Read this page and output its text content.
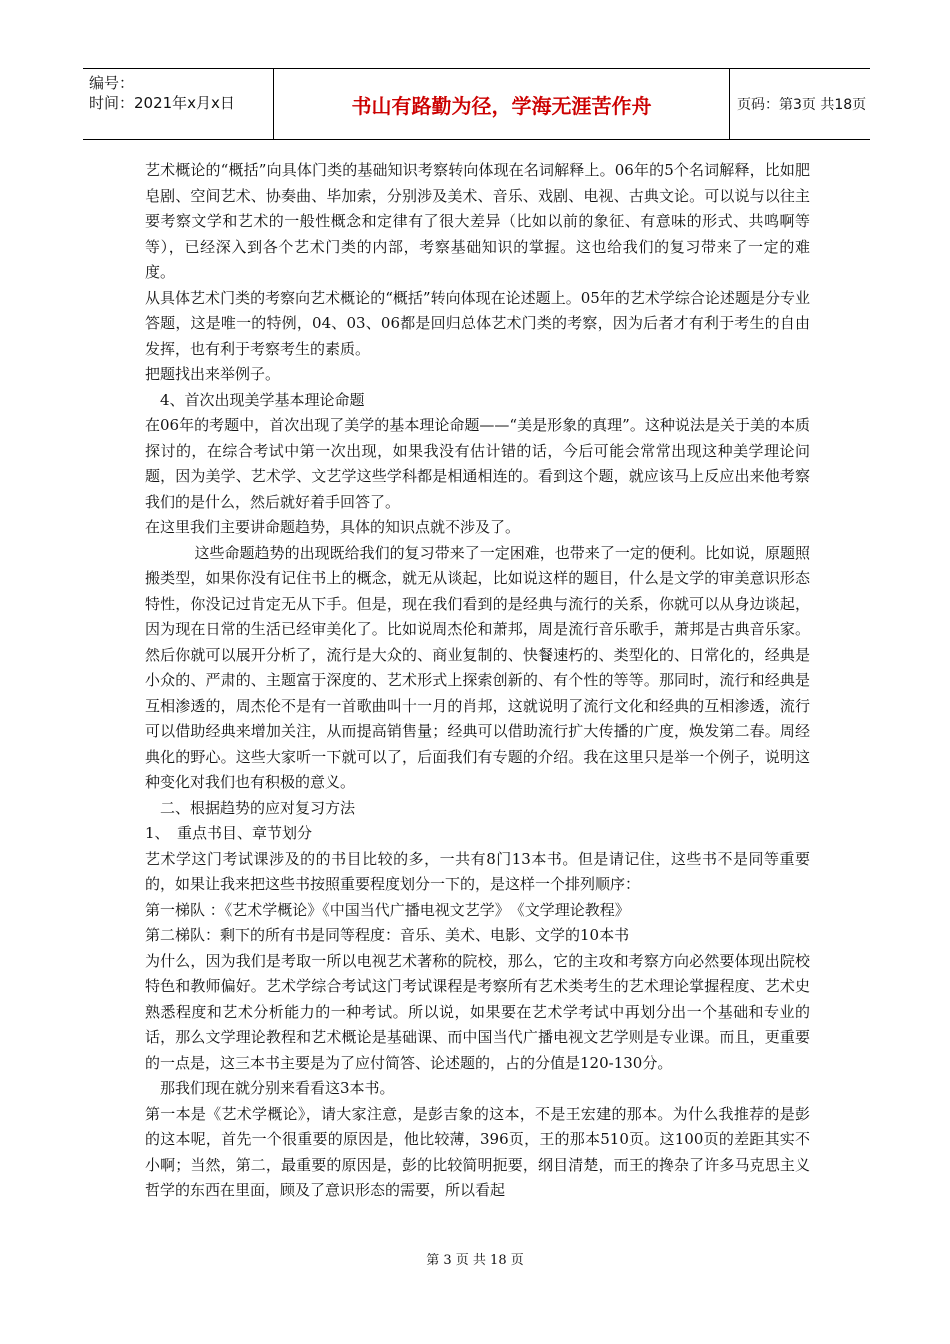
编号：
时间：2021年x月x日	书山有路勤为径，学海无涯苦作舟	页码：第3页 共18页

艺术概论的“概括”向具体门类的基础知识考察转向体现在名词解释上。06年的5个名词解释，比如肥皂剧、空间艺术、协奏曲、毕加索，分别涉及美术、音乐、戏剧、电视、古典文论。可以说与以往主要考察文学和艺术的一般性概念和定律有了很大差异（比如以前的象征、有意味的形式、共鸣啊等等），已经深入到各个艺术门类的内部，考察基础知识的掌握。这也给我们的复习带来了一定的难度。

从具体艺术门类的考察向艺术概论的“概括”转向体现在论述题上。05年的艺术学综合论述题是分专业答题，这是唯一的特例，04、03、06都是回归总体艺术门类的考察，因为后者才有利于考生的自由发挥，也有利于考察考生的素质。

把题找出来举例子。

4、首次出现美学基本理论命题

在06年的考题中，首次出现了美学的基本理论命题——“美是形象的真理”。这种说法是关于美的本质探讨的，在综合考试中第一次出现，如果我没有估计错的话，今后可能会常常出现这种美学理论问题，因为美学、艺术学、文艺学这些学科都是相通相连的。看到这个题，就应该马上反应出来他考察我们的是什么，然后就好着手回答了。

在这里我们主要讲命题趋势，具体的知识点就不涉及了。

这些命题趋势的出现既给我们的复习带来了一定困难，也带来了一定的便利。比如说，原题照搬类型，如果你没有记住书上的概念，就无从谈起，比如说这样的题目，什么是文学的审美意识形态特性，你没记过肯定无从下手。但是，现在我们看到的是经典与流行的关系，你就可以从身边谈起，因为现在日常的生活已经审美化了。比如说周杰伦和萧邦，周是流行音乐歌手，萧邦是古典音乐家。然后你就可以展开分析了，流行是大众的、商业复制的、快餐速朽的、类型化的、日常化的，经典是小众的、严肃的、主题富于深度的、艺术形式上探索创新的、有个性的等等。那同时，流行和经典是互相渗透的，周杰伦不是有一首歌曲叫十一月的肖邦，这就说明了流行文化和经典的互相渗透，流行可以借助经典来增加关注，从而提高销售量；经典可以借助流行扩大传播的广度，焕发第二春。周经典化的野心。这些大家听一下就可以了，后面我们有专题的介绍。我在这里只是举一个例子，说明这种变化对我们也有积极的意义。

二、根据趋势的应对复习方法

1、　重点书目、章节划分

艺术学这门考试课涉及的的书目比较的多，一共有8门13本书。但是请记住，这些书不是同等重要的，如果让我来把这些书按照重要程度划分一下的，是这样一个排列顺序：

第一梯队 ：《艺术学概论》《中国当代广播电视文艺学》　《文学理论教程》

第二梯队：剩下的所有书是同等程度：音乐、美术、电影、文学的10本书

为什么，因为我们是考取一所以电视艺术著称的院校，那么，它的主攻和考察方向必然要体现出院校特色和教师偏好。艺术学综合考试这门考试课程是考察所有艺术类考生的艺术理论掌握程度、艺术史熟悉程度和艺术分析能力的一种考试。所以说，如果要在艺术学考试中再划分出一个基础和专业的话，那么文学理论教程和艺术概论是基础课、而中国当代广播电视文艺学则是专业课。而且，更重要的一点是，这三本书主要是为了应付简答、论述题的，占的分值是120-130分。

那我们现在就分别来看看这3本书。

第一本是《艺术学概论》，请大家注意，是彭吉象的这本，不是王宏建的那本。为什么我推荐的是彭的这本呢，首先一个很重要的原因是，他比较薄，396页，王的那本510页。这100页的差距其实不小啊；当然，第二，最重要的原因是，彭的比较简明扼要，纲目清楚，而王的搀杂了许多马克思主义哲学的东西在里面，顾及了意识形态的需要，所以看起

第 3 页 共 18 页
